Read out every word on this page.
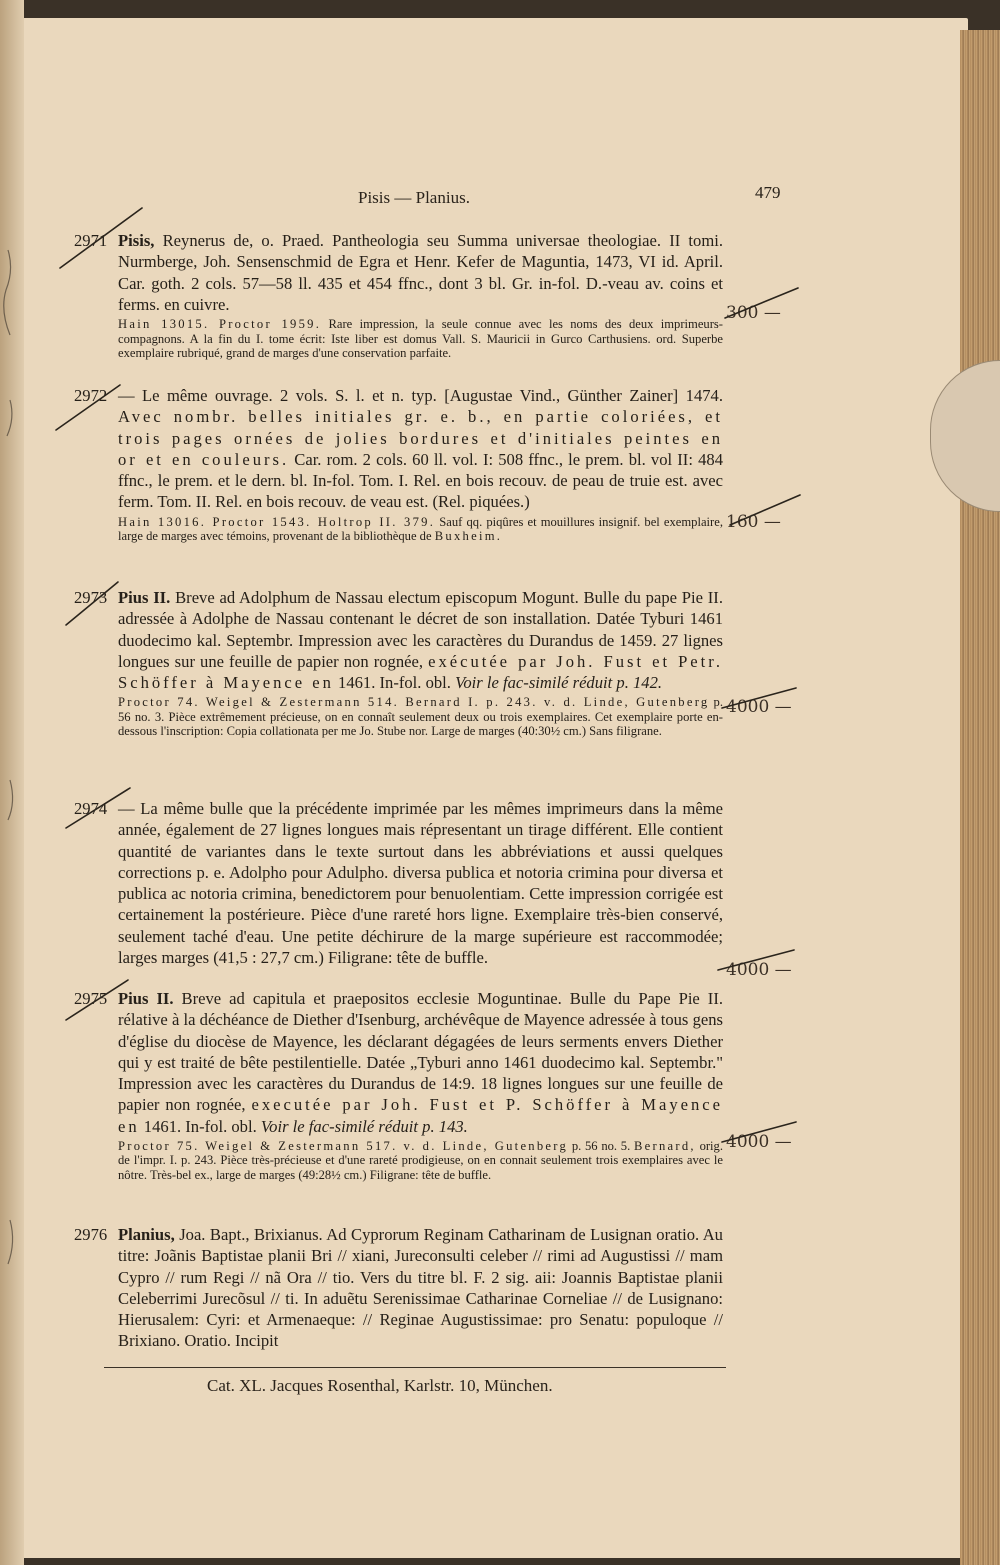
Pisis — Planius.	479
2971 Pisis, Reynerus de, o. Praed. Pantheologia seu Summa universae theologiae. II tomi. Nurmberge, Joh. Sensenschmid de Egra et Henr. Kefer de Maguntia, 1473, VI id. April. Car. goth. 2 cols. 57—58 ll. 435 et 454 ffnc., dont 3 bl. Gr. in-fol. D.-veau av. coins et ferms. en cuivre.
Hain 13015. Proctor 1959. Rare impression, la seule connue avec les noms des deux imprimeurs-compagnons. A la fin du I. tome écrit: Iste liber est domus Vall. S. Mauricii in Gurco Carthusiens. ord. Superbe exemplaire rubriqué, grand de marges d'une conservation parfaite.
300 —
2972 — Le même ouvrage. 2 vols. S. l. et n. typ. [Augustae Vind., Günther Zainer] 1474. Avec nombr. belles initiales gr. e. b., en partie coloriées, et trois pages ornées de jolies bordures et d'initiales peintes en or et en couleurs. Car. rom. 2 cols. 60 ll. vol. I: 508 ffnc., le prem. bl. vol II: 484 ffnc., le prem. et le dern. bl. In-fol. Tom. I. Rel. en bois recouv. de peau de truie est. avec ferm. Tom. II. Rel. en bois recouv. de veau est. (Rel. piquées.)
Hain 13016. Proctor 1543. Holtrop II. 379. Sauf qq. piqûres et mouillures insignif. bel exemplaire, large de marges avec témoins, provenant de la bibliothèque de Buxheim.
160 —
2973 Pius II. Breve ad Adolphum de Nassau electum episcopum Mogunt. Bulle du pape Pie II. adressée à Adolphe de Nassau contenant le décret de son installation. Datée Tyburi 1461 duodecimo kal. Septembr. Impression avec les caractères du Durandus de 1459. 27 lignes longues sur une feuille de papier non rognée, exécutée par Joh. Fust et Petr. Schöffer à Mayence en 1461. In-fol. obl. Voir le fac-similé réduit p. 142.
Proctor 74. Weigel & Zestermann 514. Bernard I. p. 243. v. d. Linde, Gutenberg p. 56 no. 3. Pièce extrêmement précieuse, on en connaît seulement deux ou trois exemplaires. Cet exemplaire porte en-dessous l'inscription: Copia collationata per me Jo. Stube nor. Large de marges (40:30½ cm.) Sans filigrane.
4000 —
2974 — La même bulle que la précédente imprimée par les mêmes imprimeurs dans la même année, également de 27 lignes longues mais répresentant un tirage différent. Elle contient quantité de variantes dans le texte surtout dans les abbréviations et aussi quelques corrections p. e. Adolpho pour Adulpho. diversa publica et notoria crimina pour diversa et publica ac notoria crimina, benedictorem pour benuolentiam. Cette impression corrigée est certainement la postérieure. Pièce d'une rareté hors ligne. Exemplaire très-bien conservé, seulement taché d'eau. Une petite déchirure de la marge supérieure est raccommodée; larges marges (41,5 : 27,7 cm.) Filigrane: tête de buffle.
4000 —
2975 Pius II. Breve ad capitula et praepositos ecclesie Moguntinae. Bulle du Pape Pie II. rélative à la déchéance de Diether d'Isenburg, archévêque de Mayence adressée à tous gens d'église du diocèse de Mayence, les déclarant dégagées de leurs serments envers Diether qui y est traité de bête pestilentielle. Datée „Tyburi anno 1461 duodecimo kal. Septembr." Impression avec les caractères du Durandus de 14:9. 18 lignes longues sur une feuille de papier non rognée, executée par Joh. Fust et P. Schöffer à Mayence en 1461. In-fol. obl. Voir le fac-similé réduit p. 143.
Proctor 75. Weigel & Zestermann 517. v. d. Linde, Gutenberg p. 56 no. 5. Bernard, orig. de l'impr. I. p. 243. Pièce très-précieuse et d'une rareté prodigieuse, on en connait seulement trois exemplaires avec le nôtre. Très-bel ex., large de marges (49:28½ cm.) Filigrane: tête de buffle.
4000 —
2976 Planius, Joa. Bapt., Brixianus. Ad Cyprorum Reginam Catharinam de Lusignan oratio. Au titre: Joãnis Baptistae planii Bri // xiani, Jureconsulti celeber // rimi ad Augustissi // mam Cypro // rum Regi // nã Ora // tio. Vers du titre bl. F. 2 sig. aii: Joannis Baptistae planii Celeberrimi Jurecõsul // ti. In aduẽtu Serenissimae Catharinae Corneliae // de Lusignano: Hierusalem: Cyri: et Armenaeque: // Reginae Augustissimae: pro Senatu: populoque // Brixiano. Oratio. Incipit
Cat. XL. Jacques Rosenthal, Karlstr. 10, München.
